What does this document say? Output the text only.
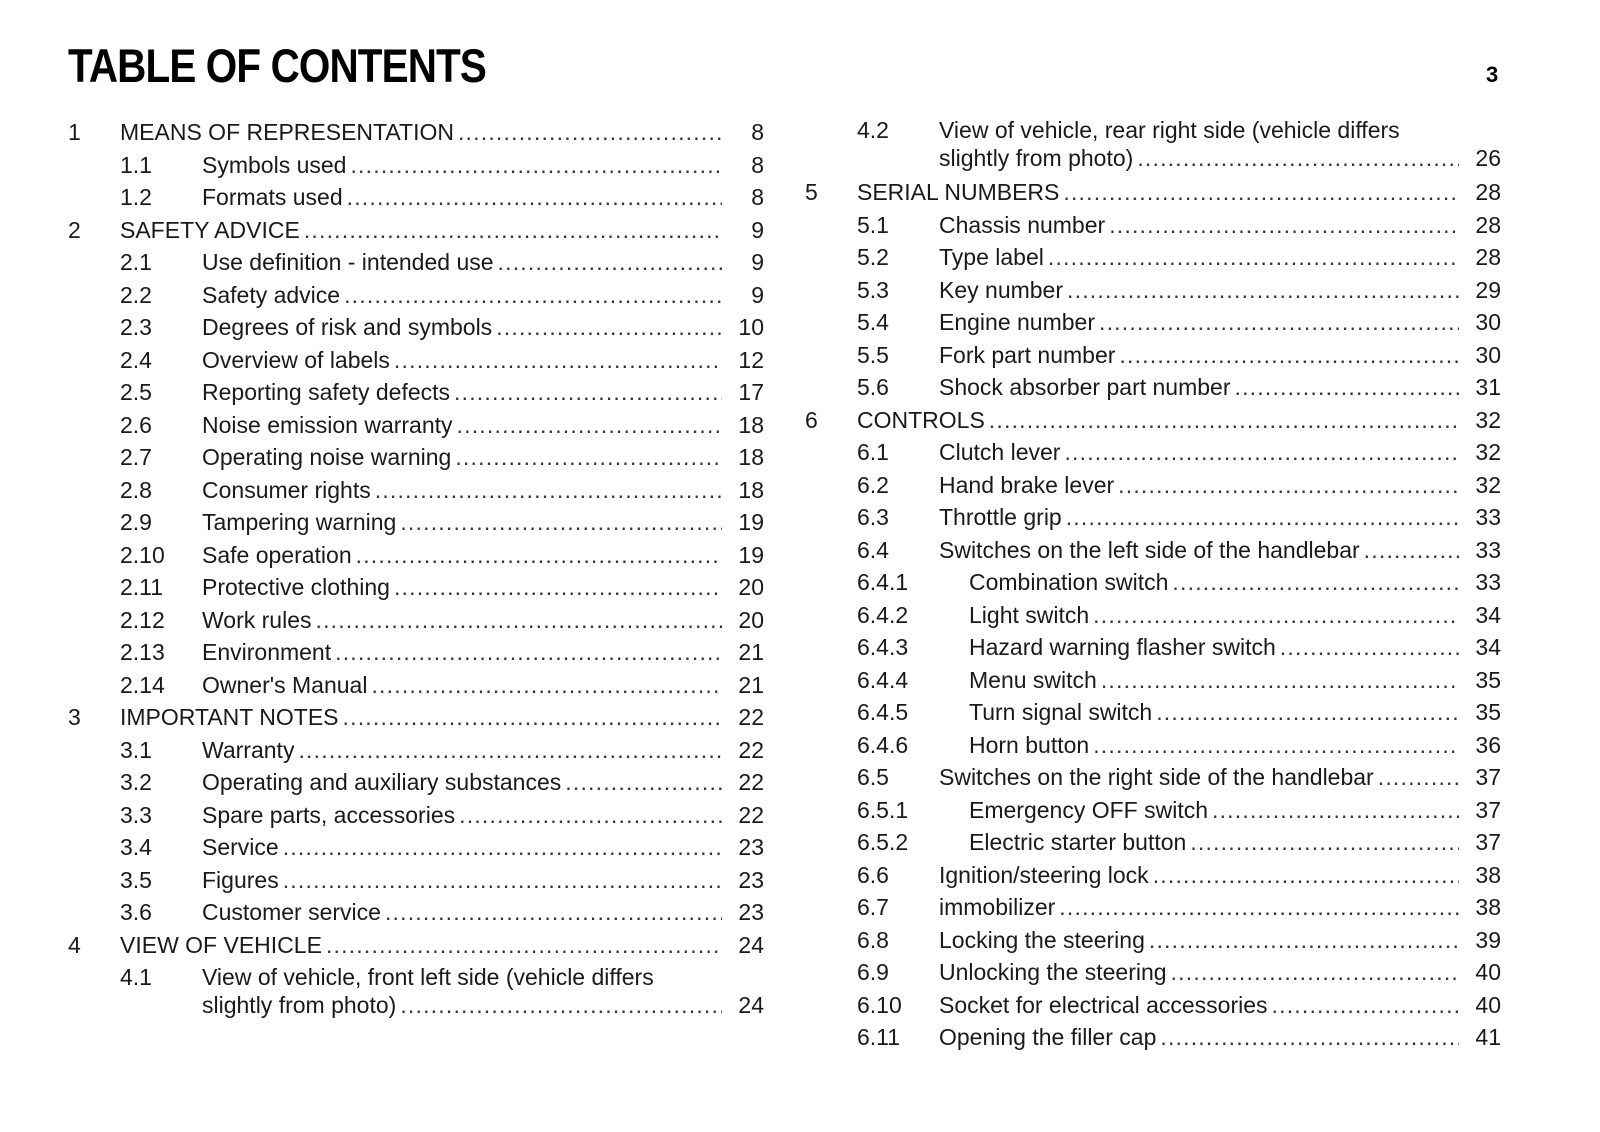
TABLE OF CONTENTS	3
1 MEANS OF REPRESENTATION .....	8
1.1 Symbols used .....	8
1.2 Formats used .....	8
2 SAFETY ADVICE .....	9
2.1 Use definition - intended use .....	9
2.2 Safety advice .....	9
2.3 Degrees of risk and symbols .....	10
2.4 Overview of labels .....	12
2.5 Reporting safety defects .....	17
2.6 Noise emission warranty .....	18
2.7 Operating noise warning .....	18
2.8 Consumer rights .....	18
2.9 Tampering warning .....	19
2.10 Safe operation .....	19
2.11 Protective clothing .....	20
2.12 Work rules .....	20
2.13 Environment .....	21
2.14 Owner's Manual .....	21
3 IMPORTANT NOTES .....	22
3.1 Warranty .....	22
3.2 Operating and auxiliary substances .....	22
3.3 Spare parts, accessories .....	22
3.4 Service .....	23
3.5 Figures .....	23
3.6 Customer service .....	23
4 VIEW OF VEHICLE .....	24
4.1 View of vehicle, front left side (vehicle differs
slightly from photo) .....	24
4.2 View of vehicle, rear right side (vehicle differs
slightly from photo) .....	26
5 SERIAL NUMBERS .....	28
5.1 Chassis number .....	28
5.2 Type label .....	28
5.3 Key number .....	29
5.4 Engine number .....	30
5.5 Fork part number .....	30
5.6 Shock absorber part number .....	31
6 CONTROLS .....	32
6.1 Clutch lever .....	32
6.2 Hand brake lever .....	32
6.3 Throttle grip .....	33
6.4 Switches on the left side of the handlebar .....	33
6.4.1	Combination switch .....	33
6.4.2	Light switch .....	34
6.4.3	Hazard warning flasher switch .....	34
6.4.4	Menu switch .....	35
6.4.5	Turn signal switch .....	35
6.4.6	Horn button .....	36
6.5 Switches on the right side of the handlebar .....	37
6.5.1	Emergency OFF switch .....	37
6.5.2	Electric starter button .....	37
6.6 Ignition/steering lock .....	38
6.7 immobilizer .....	38
6.8 Locking the steering .....	39
6.9 Unlocking the steering .....	40
6.10 Socket for electrical accessories .....	40
6.11 Opening the filler cap .....	41
